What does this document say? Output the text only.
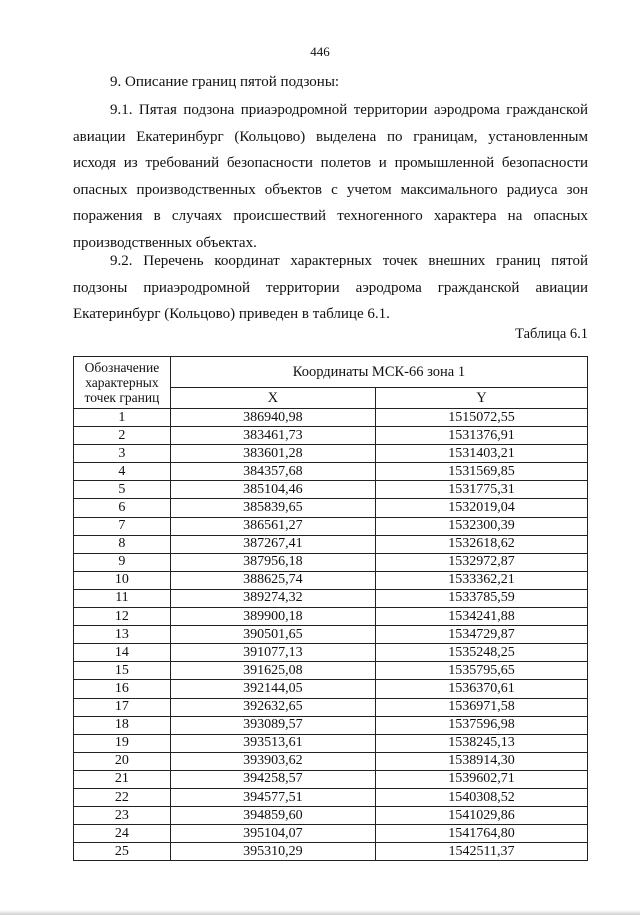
446
9. Описание границ пятой подзоны:
9.1. Пятая подзона приаэродромной территории аэродрома гражданской авиации Екатеринбург (Кольцово) выделена по границам, установленным исходя из требований безопасности полетов и промышленной безопасности опасных производственных объектов с учетом максимального радиуса зон поражения в случаях происшествий техногенного характера на опасных производственных объектах.
9.2. Перечень координат характерных точек внешних границ пятой подзоны приаэродромной территории аэродрома гражданской авиации Екатеринбург (Кольцово) приведен в таблице 6.1.
Таблица 6.1
Обозначение характерных точек границ	Координаты МСК-66 зона 1	
	X	Y
1	386940,98	1515072,55
2	383461,73	1531376,91
3	383601,28	1531403,21
4	384357,68	1531569,85
5	385104,46	1531775,31
6	385839,65	1532019,04
7	386561,27	1532300,39
8	387267,41	1532618,62
9	387956,18	1532972,87
10	388625,74	1533362,21
11	389274,32	1533785,59
12	389900,18	1534241,88
13	390501,65	1534729,87
14	391077,13	1535248,25
15	391625,08	1535795,65
16	392144,05	1536370,61
17	392632,65	1536971,58
18	393089,57	1537596,98
19	393513,61	1538245,13
20	393903,62	1538914,30
21	394258,57	1539602,71
22	394577,51	1540308,52
23	394859,60	1541029,86
24	395104,07	1541764,80
25	395310,29	1542511,37
